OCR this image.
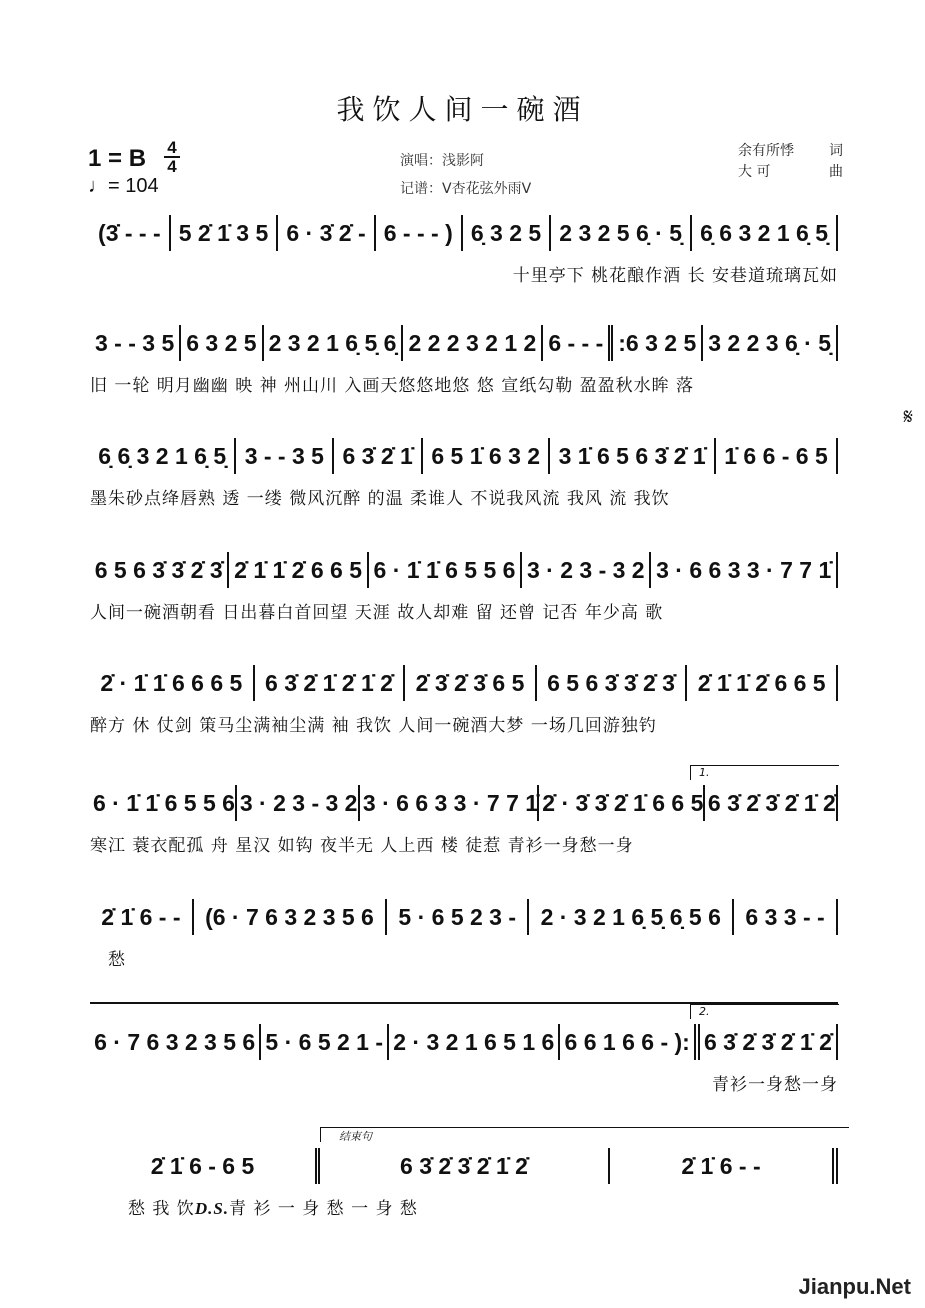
我饮人间一碗酒
1 = B $\frac{4}{4}$
♩= 104
演唱：浅影阿
记谱：V杏花弦外雨V
余有所悸	词
大 可	曲
(3̇ - - - 5 2̇ 1̇ 3 5 6 · 3̇ 2̇ - 6 - - - ) 6̣ 3 2 5 2 3 2 5 6̣ · 5̣ 6̣ 6 3 2 1 6̣ 5̣
十里亭下 桃花酿作酒 长 安巷道琉璃瓦如
3 - - 3 5 6 3 2 5 2 3 2 1 6̣ 5̣ 6̣ 2 2 2 3 2 1 2 6 - - - :6 3 2 5 3 2 2 3 6̣ · 5̣
旧 一轮 明月幽幽 映 神 州山川 入画天悠悠地悠 悠 宣纸勾勒 盈盈秋水眸 落
𝄋
6̣ 6̣ 3 2 1 6̣ 5̣ 3 - - 3 5 6 3̇ 2̇ 1̇ 6 5 1̇ 6 3 2 3 1̇ 6 5 6 3̇ 2̇ 1̇ 1̇ 6 6 - 6 5
墨朱砂点绛唇熟 透 一缕 微风沉醉 的温 柔谁人 不说我风流 我风 流 我饮
6 5 6 3̇ 3̇ 2̇ 3̇ 2̇ 1̇ 1̇ 2̇ 6 6 5 6 · 1̇ 1̇ 6 5 5 6 3 · 2 3 - 3 2 3 · 6 6 3 3 · 7 7 1̇
人间一碗酒朝看 日出暮白首回望 天涯 故人却难 留 还曾 记否 年少高 歌
2̇ · 1̇ 1̇ 6 6 6 5 6 3̇ 2̇ 1̇ 2̇ 1̇ 2̇ 2̇ 3̇ 2̇ 3̇ 6 5 6 5 6 3̇ 3̇ 2̇ 3̇ 2̇ 1̇ 1̇ 2̇ 6 6 5
醉方 休 仗剑 策马尘满袖尘满 袖 我饮 人间一碗酒大梦 一场几回游独钓
1.
6 · 1̇ 1̇ 6 5 5 6 3 · 2 3 - 3 2 3 · 6 6 3 3 · 7 7 1̇ 2̇ · 3̇ 3̇ 2̇ 1̇ 6 6 5 6 3̇ 2̇ 3̇ 2̇ 1̇ 2̇
寒江 蓑衣配孤 舟 星汉 如钩 夜半无 人上西 楼 徒惹 青衫一身愁一身
2̇ 1̇ 6 - -	(6 · 7 6 3 2 3 5 6	5 · 6 5 2 3 -	2 · 3 2 1 6̣ 5̣ 6̣ 5 6	6 3 3 - -
愁
2.
6 · 7 6 3 2 3 5 6 5 · 6 5 2 1 - 2 · 3 2 1 6 5 1 6 6 6 1 6 6 - ): 6 3̇ 2̇ 3̇ 2̇ 1̇ 2̇
青衫一身愁一身
结束句
2̇ 1̇ 6 - 6 5	6 3̇ 2̇ 3̇ 2̇ 1̇ 2̇	2̇ 1̇ 6 - -
愁 我 饮D.S.青 衫 一 身 愁 一 身 愁
Jianpu.Net
